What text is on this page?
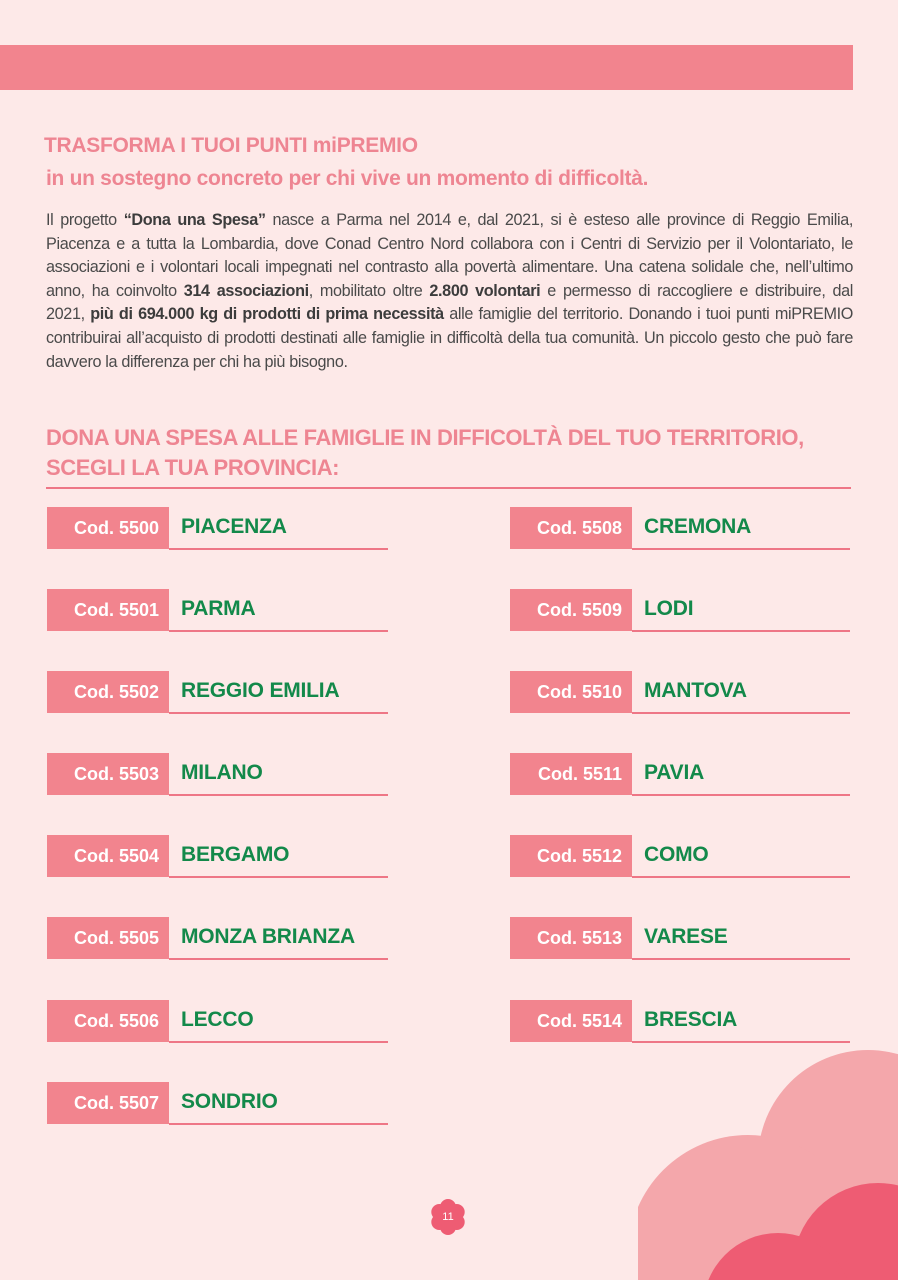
TRASFORMA I TUOI PUNTI miPREMIO
in un sostegno concreto per chi vive un momento di difficoltà.

Il progetto “Dona una Spesa” nasce a Parma nel 2014 e, dal 2021, si è esteso alle province di Reggio Emilia, Piacenza e a tutta la Lombardia, dove Conad Centro Nord collabora con i Centri di Servizio per il Volontariato, le associazioni e i volontari locali impegnati nel contrasto alla povertà alimentare. Una catena solidale che, nell’ultimo anno, ha coinvolto 314 associazioni, mobilitato oltre 2.800 volontari e permesso di raccogliere e distribuire, dal 2021, più di 694.000 kg di prodotti di prima necessità alle famiglie del territorio. Donando i tuoi punti miPREMIO contribuirai all’acquisto di prodotti destinati alle famiglie in difficoltà della tua comunità. Un piccolo gesto che può fare davvero la differenza per chi ha più bisogno.

DONA UNA SPESA ALLE FAMIGLIE IN DIFFICOLTÀ DEL TUO TERRITORIO,
SCEGLI LA TUA PROVINCIA:
Cod. 5500	PIACENZA
Cod. 5501	PARMA
Cod. 5502	REGGIO EMILIA
Cod. 5503	MILANO
Cod. 5504	BERGAMO
Cod. 5505	MONZA BRIANZA
Cod. 5506	LECCO
Cod. 5507	SONDRIO
Cod. 5508	CREMONA
Cod. 5509	LODI
Cod. 5510	MANTOVA
Cod. 5511	PAVIA
Cod. 5512	COMO
Cod. 5513	VARESE
Cod. 5514	BRESCIA
11
